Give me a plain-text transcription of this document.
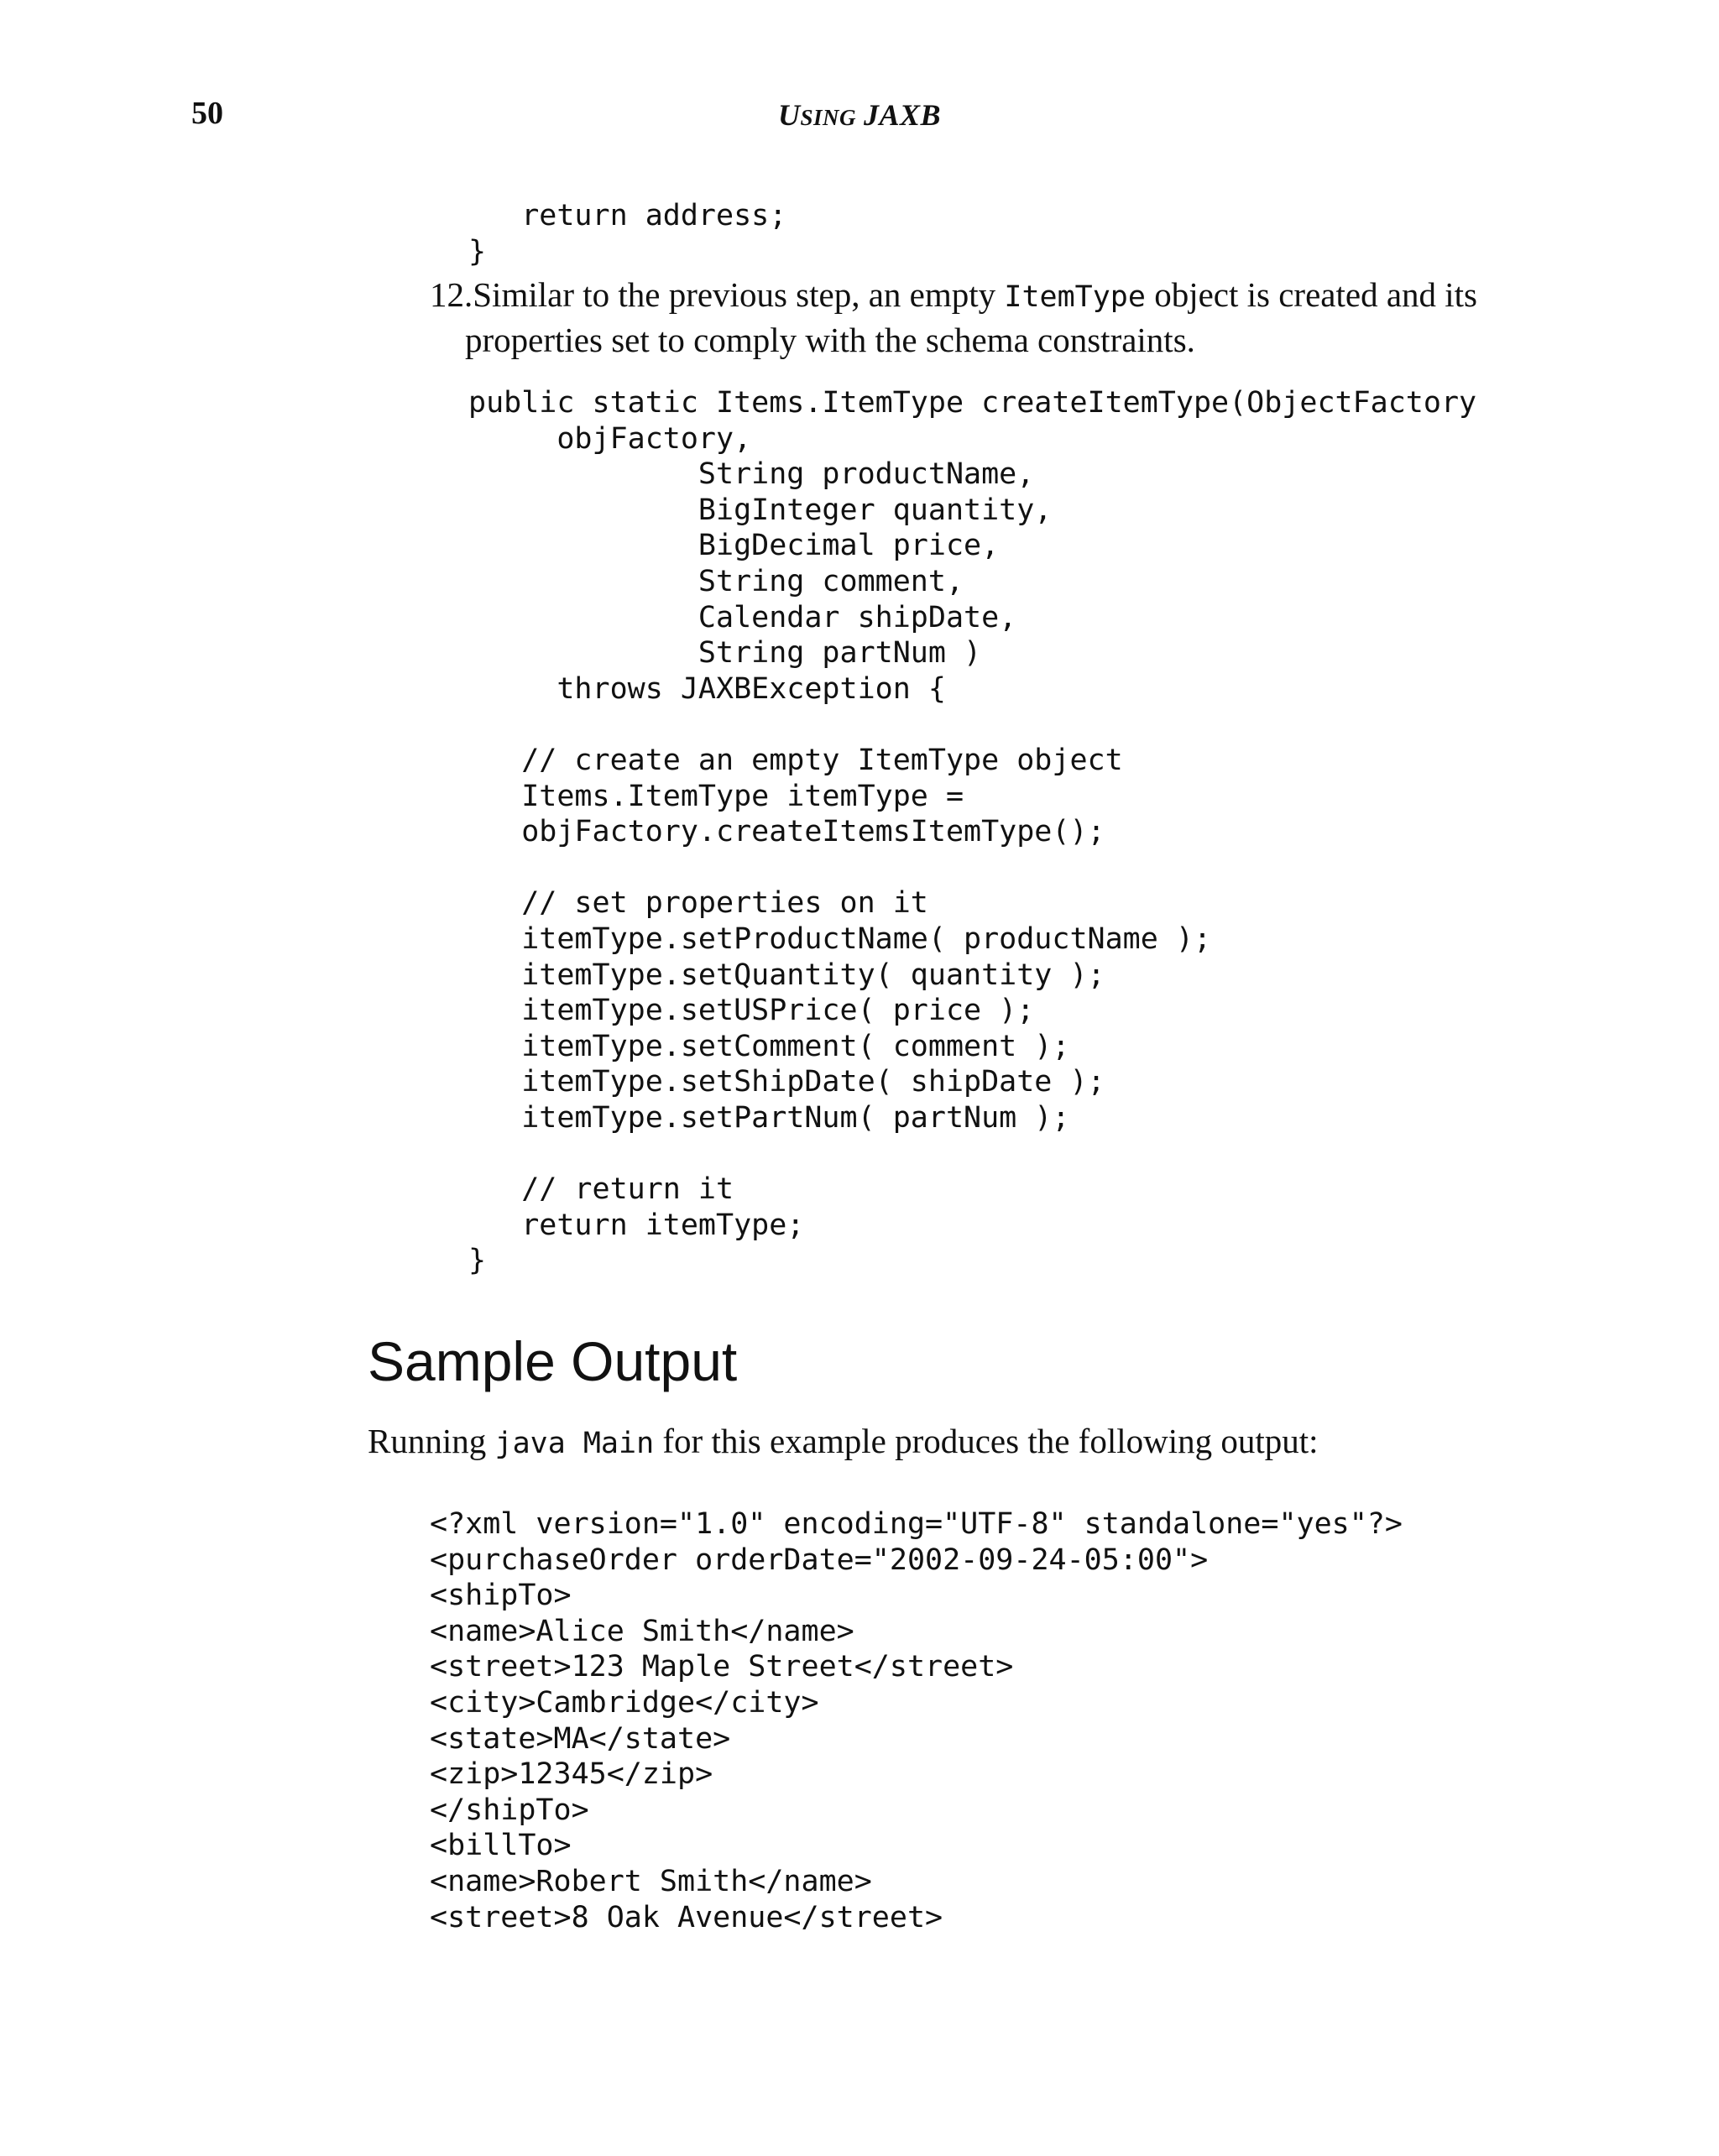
50	USING JAXB
return address;
}
12.Similar to the previous step, an empty ItemType object is created and its
properties set to comply with the schema constraints.
public static Items.ItemType createItemType(ObjectFactory
objFactory,
String productName,
BigInteger quantity,
BigDecimal price,
String comment,
Calendar shipDate,
String partNum )
throws JAXBException {

// create an empty ItemType object
Items.ItemType itemType =
objFactory.createItemsItemType();

// set properties on it
itemType.setProductName( productName );
itemType.setQuantity( quantity );
itemType.setUSPrice( price );
itemType.setComment( comment );
itemType.setShipDate( shipDate );
itemType.setPartNum( partNum );

// return it
return itemType;
}
Sample Output

Running java Main for this example produces the following output:

<?xml version="1.0" encoding="UTF-8" standalone="yes"?>
<purchaseOrder orderDate="2002-09-24-05:00">
<shipTo>
<name>Alice Smith</name>
<street>123 Maple Street</street>
<city>Cambridge</city>
<state>MA</state>
<zip>12345</zip>
</shipTo>
<billTo>
<name>Robert Smith</name>
<street>8 Oak Avenue</street>
